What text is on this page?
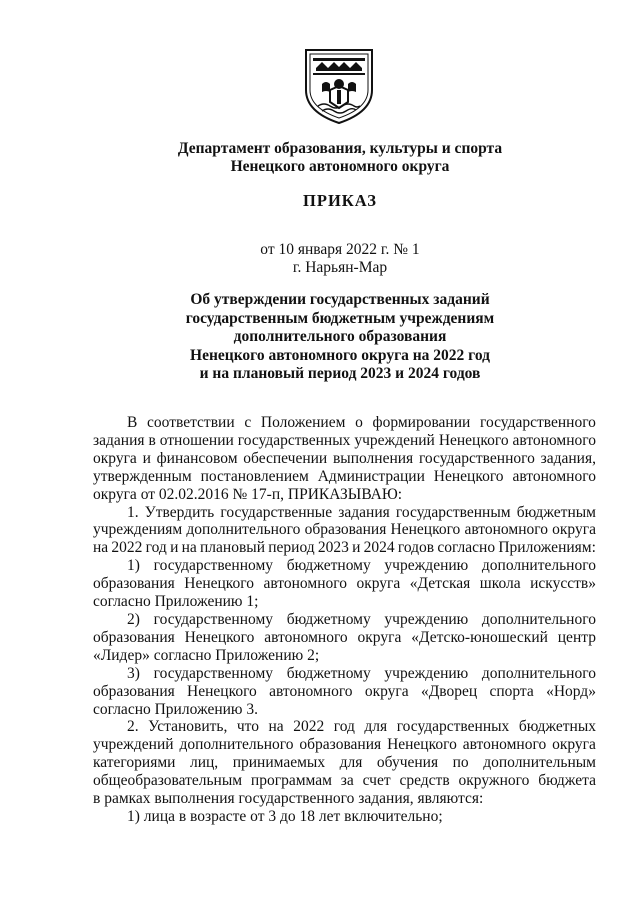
Департамент образования, культуры и спорта
Ненецкого автономного округа
ПРИКАЗ
от 10 января 2022 г. № 1
г. Нарьян-Мар
Об утверждении государственных заданий
государственным бюджетным учреждениям
дополнительного образования
Ненецкого автономного округа на 2022 год
и на плановый период 2023 и 2024 годов
В соответствии с Положением о формировании государственного
задания в отношении государственных учреждений Ненецкого автономного
округа и финансовом обеспечении выполнения государственного задания,
утвержденным постановлением Администрации Ненецкого автономного
округа от 02.02.2016 № 17-п, ПРИКАЗЫВАЮ:
1. Утвердить государственные задания государственным бюджетным
учреждениям дополнительного образования Ненецкого автономного округа
на 2022 год и на плановый период 2023 и 2024 годов согласно Приложениям:
1) государственному бюджетному учреждению дополнительного
образования Ненецкого автономного округа «Детская школа искусств»
согласно Приложению 1;
2) государственному бюджетному учреждению дополнительного
образования Ненецкого автономного округа «Детско-юношеский центр
«Лидер» согласно Приложению 2;
3) государственному бюджетному учреждению дополнительного
образования Ненецкого автономного округа «Дворец спорта «Норд»
согласно Приложению 3.
2. Установить, что на 2022 год для государственных бюджетных
учреждений дополнительного образования Ненецкого автономного округа
категориями лиц, принимаемых для обучения по дополнительным
общеобразовательным программам за счет средств окружного бюджета
в рамках выполнения государственного задания, являются:
1) лица в возрасте от 3 до 18 лет включительно;
